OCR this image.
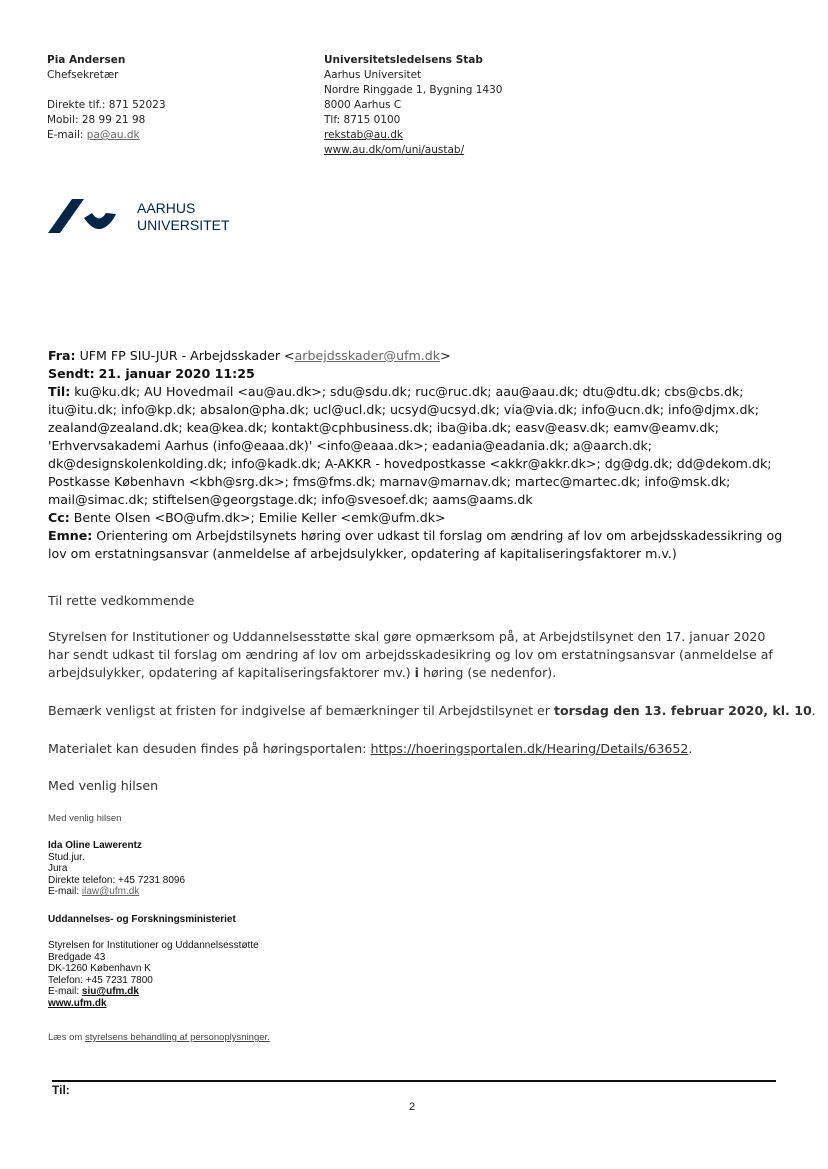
Pia Andersen
Chefsekretær
Direkte tlf.: 871 52023
Mobil: 28 99 21 98
E-mail: pa@au.dk
Universitetsledelsens Stab
Aarhus Universitet
Nordre Ringgade 1, Bygning 1430
8000 Aarhus C
Tlf: 8715 0100
rekstab@au.dk
www.au.dk/om/uni/austab/
AARHUS
UNIVERSITET
Fra: UFM FP SIU-JUR - Arbejdsskader <arbejdsskader@ufm.dk>
Sendt: 21. januar 2020 11:25
Til: ku@ku.dk; AU Hovedmail <au@au.dk>; sdu@sdu.dk; ruc@ruc.dk; aau@aau.dk; dtu@dtu.dk; cbs@cbs.dk;
itu@itu.dk; info@kp.dk; absalon@pha.dk; ucl@ucl.dk; ucsyd@ucsyd.dk; via@via.dk; info@ucn.dk; info@djmx.dk;
zealand@zealand.dk; kea@kea.dk; kontakt@cphbusiness.dk; iba@iba.dk; easv@easv.dk; eamv@eamv.dk;
'Erhvervsakademi Aarhus (info@eaaa.dk)' <info@eaaa.dk>; eadania@eadania.dk; a@aarch.dk;
dk@designskolenkolding.dk; info@kadk.dk; A-AKKR - hovedpostkasse <akkr@akkr.dk>; dg@dg.dk; dd@dekom.dk;
Postkasse København <kbh@srg.dk>; fms@fms.dk; marnav@marnav.dk; martec@martec.dk; info@msk.dk;
mail@simac.dk; stiftelsen@georgstage.dk; info@svesoef.dk; aams@aams.dk
Cc: Bente Olsen <BO@ufm.dk>; Emilie Keller <emk@ufm.dk>
Emne: Orientering om Arbejdstilsynets høring over udkast til forslag om ændring af lov om arbejdsskadessikring og
lov om erstatningsansvar (anmeldelse af arbejdsulykker, opdatering af kapitaliseringsfaktorer m.v.)
Til rette vedkommende
Styrelsen for Institutioner og Uddannelsesstøtte skal gøre opmærksom på, at Arbejdstilsynet den 17. januar 2020
har sendt udkast til forslag om ændring af lov om arbejdsskadesikring og lov om erstatningsansvar (anmeldelse af
arbejdsulykker, opdatering af kapitaliseringsfaktorer mv.) i høring (se nedenfor).
Bemærk venligst at fristen for indgivelse af bemærkninger til Arbejdstilsynet er torsdag den 13. februar 2020, kl. 10.
Materialet kan desuden findes på høringsportalen: https://hoeringsportalen.dk/Hearing/Details/63652.
Med venlig hilsen
Med venlig hilsen
Ida Oline Lawerentz
Stud.jur.
Jura
Direkte telefon: +45 7231 8096
E-mail: ilaw@ufm.dk
Uddannelses- og Forskningsministeriet
Styrelsen for Institutioner og Uddannelsesstøtte
Bredgade 43
DK-1260 København K
Telefon: +45 7231 7800
E-mail: siu@ufm.dk
www.ufm.dk
Læs om styrelsens behandling af personoplysninger.
Til:
2
